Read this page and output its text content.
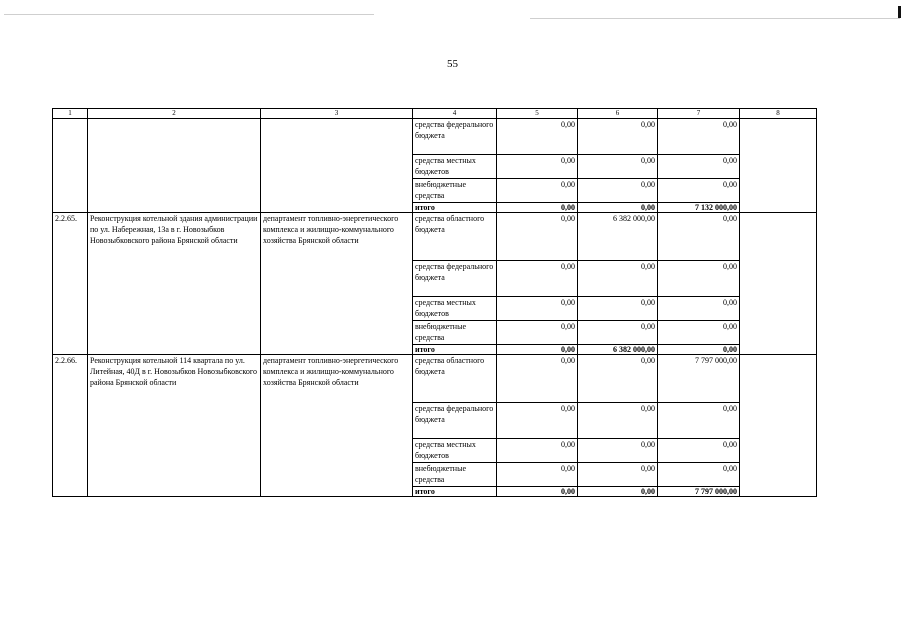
55
1	2	3	4	5	6	7	8
			средства федерального бюджета	0,00	0,00	0,00	
			средства местных бюджетов	0,00	0,00	0,00	
			внебюджетные средства	0,00	0,00	0,00	
			итого	0,00	0,00	7 132 000,00	
2.2.65.	Реконструкция котельной здания администрации по ул. Набережная, 13а в г. Новозыбков Новозыбковского района Брянской области	департамент топливно-энергетического комплекса и жилищно-коммунального хозяйства Брянской области	средства областного бюджета	0,00	6 382 000,00	0,00	
			средства федерального бюджета	0,00	0,00	0,00	
			средства местных бюджетов	0,00	0,00	0,00	
			внебюджетные средства	0,00	0,00	0,00	
			итого	0,00	6 382 000,00	0,00	
2.2.66.	Реконструкция котельной 114 квартала по ул. Литейная, 40Д в г. Новозыбков Новозыбковского района Брянской области	департамент топливно-энергетического комплекса и жилищно-коммунального хозяйства Брянской области	средства областного бюджета	0,00	0,00	7 797 000,00	
			средства федерального бюджета	0,00	0,00	0,00	
			средства местных бюджетов	0,00	0,00	0,00	
			внебюджетные средства	0,00	0,00	0,00	
			итого	0,00	0,00	7 797 000,00	
